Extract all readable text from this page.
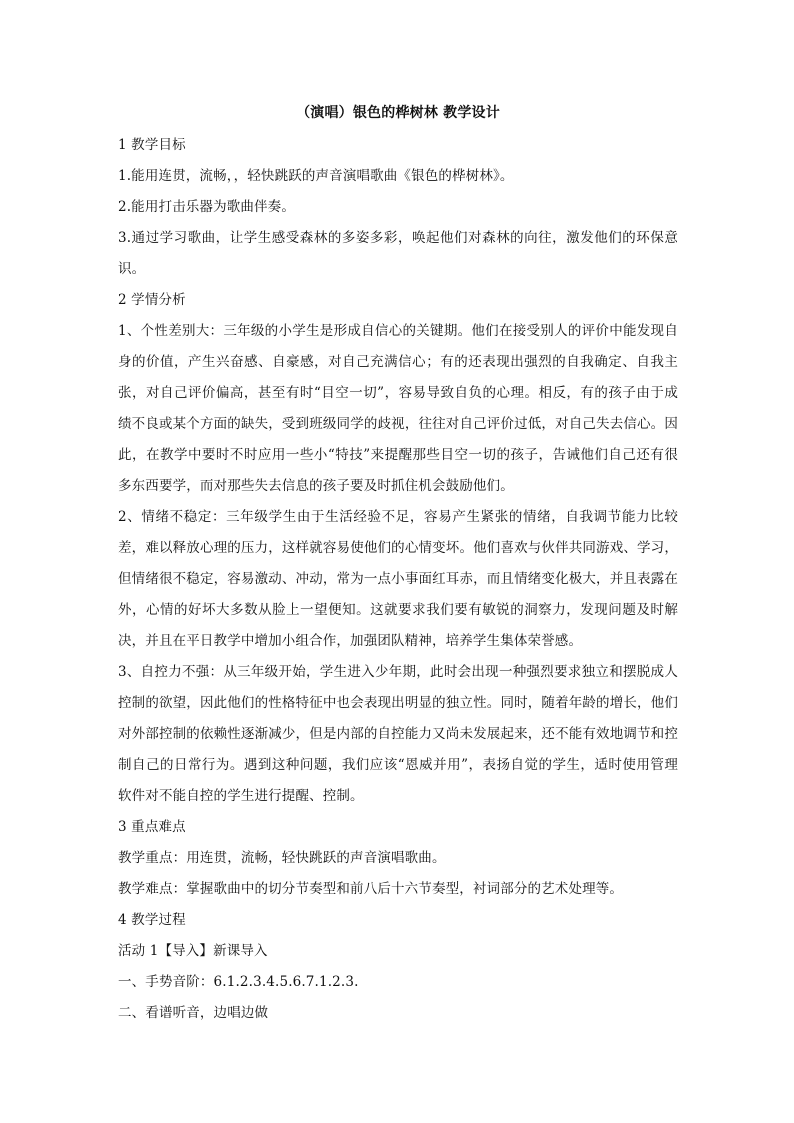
（演唱）银色的桦树林 教学设计

1 教学目标

1.能用连贯，流畅，，轻快跳跃的声音演唱歌曲《银色的桦树林》。

2.能用打击乐器为歌曲伴奏。

3.通过学习歌曲，让学生感受森林的多姿多彩，唤起他们对森林的向往，激发他们的环保意识。

2 学情分析

1、个性差别大：三年级的小学生是形成自信心的关键期。他们在接受别人的评价中能发现自身的价值，产生兴奋感、自豪感，对自己充满信心；有的还表现出强烈的自我确定、自我主张，对自己评价偏高，甚至有时“目空一切”，容易导致自负的心理。相反，有的孩子由于成绩不良或某个方面的缺失，受到班级同学的歧视，往往对自己评价过低，对自己失去信心。因此，在教学中要时不时应用一些小“特技”来提醒那些目空一切的孩子，告诫他们自己还有很多东西要学，而对那些失去信息的孩子要及时抓住机会鼓励他们。

2、情绪不稳定：三年级学生由于生活经验不足，容易产生紧张的情绪，自我调节能力比较差，难以释放心理的压力，这样就容易使他们的心情变坏。他们喜欢与伙伴共同游戏、学习，但情绪很不稳定，容易激动、冲动，常为一点小事面红耳赤，而且情绪变化极大，并且表露在外，心情的好坏大多数从脸上一望便知。这就要求我们要有敏锐的洞察力，发现问题及时解决，并且在平日教学中增加小组合作，加强团队精神，培养学生集体荣誉感。

3、自控力不强：从三年级开始，学生进入少年期，此时会出现一种强烈要求独立和摆脱成人控制的欲望，因此他们的性格特征中也会表现出明显的独立性。同时，随着年龄的增长，他们对外部控制的依赖性逐渐减少，但是内部的自控能力又尚未发展起来，还不能有效地调节和控制自己的日常行为。遇到这种问题，我们应该“恩威并用”，表扬自觉的学生，适时使用管理软件对不能自控的学生进行提醒、控制。

3 重点难点

教学重点：用连贯，流畅，轻快跳跃的声音演唱歌曲。

教学难点：掌握歌曲中的切分节奏型和前八后十六节奏型，衬词部分的艺术处理等。

4 教学过程

活动 1【导入】新课导入

一、手势音阶：6.1.2.3.4.5.6.7.1.2.3.

二、看谱听音，边唱边做
